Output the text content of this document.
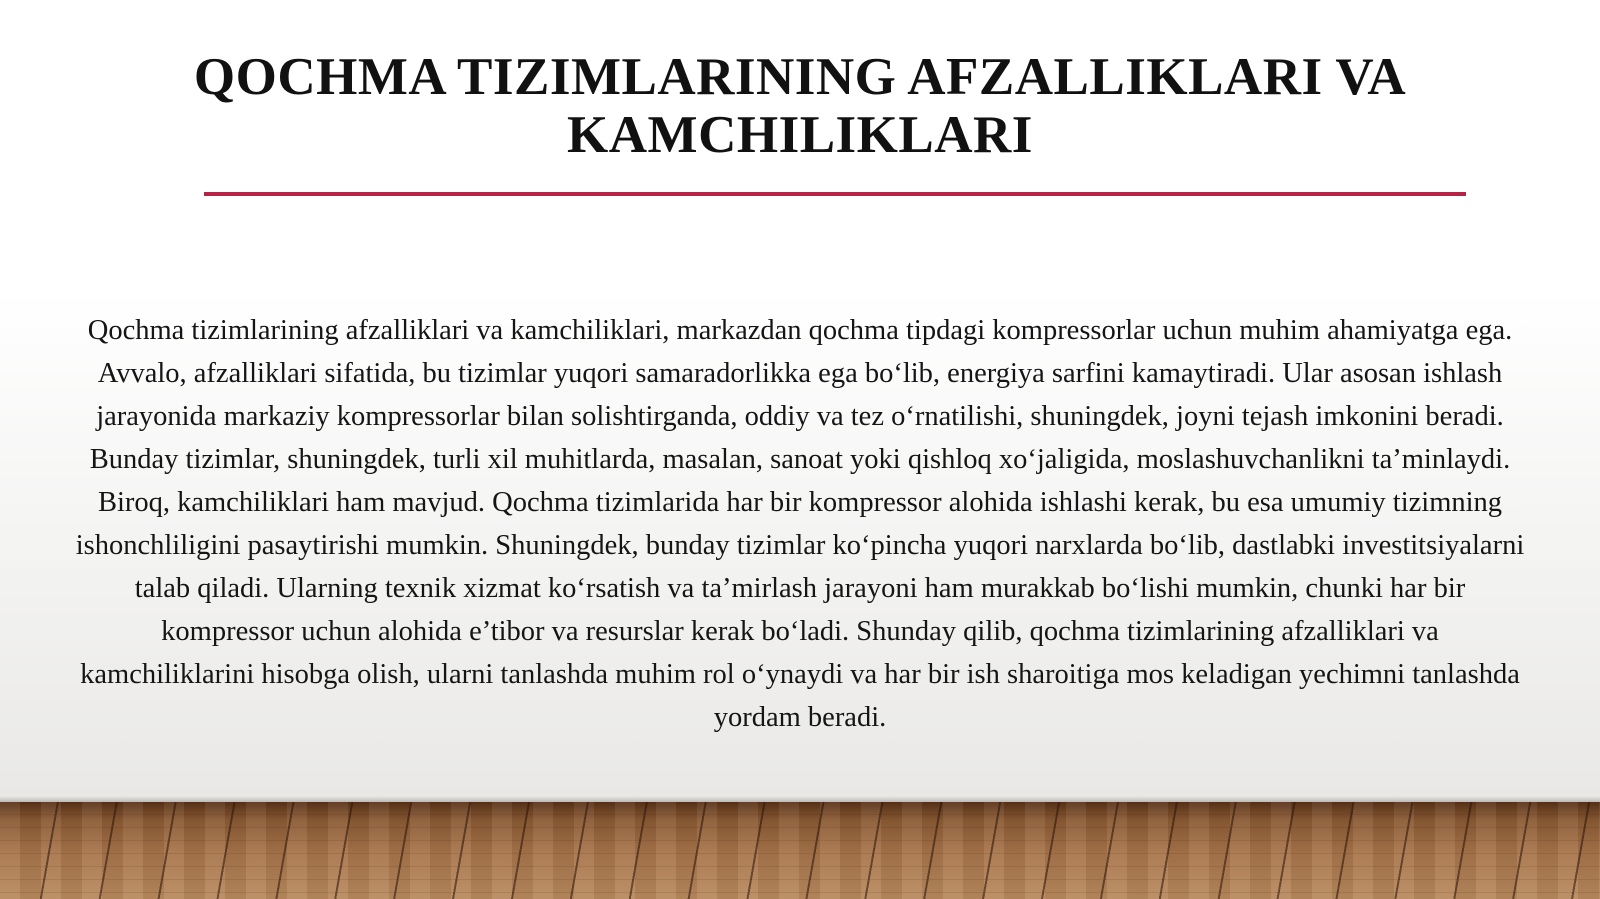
QOCHMA TIZIMLARINING AFZALLIKLARI VA KAMCHILIKLARI

Qochma tizimlarining afzalliklari va kamchiliklari, markazdan qochma tipdagi kompressorlar uchun muhim ahamiyatga ega. Avvalo, afzalliklari sifatida, bu tizimlar yuqori samaradorlikka ega bo‘lib, energiya sarfini kamaytiradi. Ular asosan ishlash jarayonida markaziy kompressorlar bilan solishtirganda, oddiy va tez o‘rnatilishi, shuningdek, joyni tejash imkonini beradi. Bunday tizimlar, shuningdek, turli xil muhitlarda, masalan, sanoat yoki qishloq xo‘jaligida, moslashuvchanlikni ta’minlaydi. Biroq, kamchiliklari ham mavjud. Qochma tizimlarida har bir kompressor alohida ishlashi kerak, bu esa umumiy tizimning ishonchliligini pasaytirishi mumkin. Shuningdek, bunday tizimlar ko‘pincha yuqori narxlarda bo‘lib, dastlabki investitsiyalarni talab qiladi. Ularning texnik xizmat ko‘rsatish va ta’mirlash jarayoni ham murakkab bo‘lishi mumkin, chunki har bir kompressor uchun alohida e’tibor va resurslar kerak bo‘ladi. Shunday qilib, qochma tizimlarining afzalliklari va kamchiliklarini hisobga olish, ularni tanlashda muhim rol o‘ynaydi va har bir ish sharoitiga mos keladigan yechimni tanlashda yordam beradi.
